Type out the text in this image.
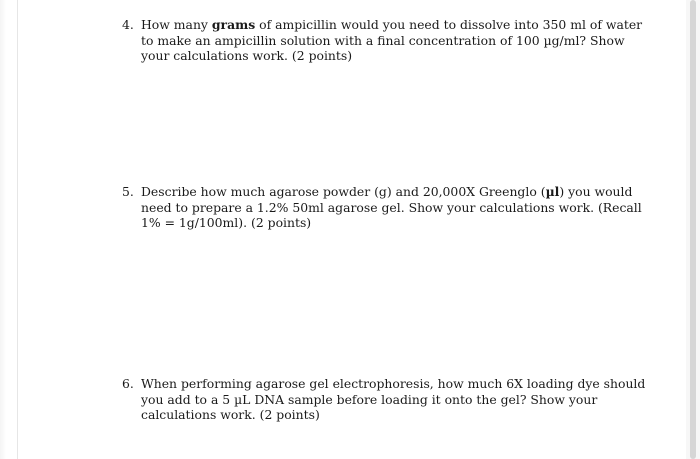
4. How many grams of ampicillin would you need to dissolve into 350 ml of water
to make an ampicillin solution with a final concentration of 100 µg/ml? Show
your calculations work. (2 points)
5. Describe how much agarose powder (g) and 20,000X Greenglo (µl) you would
need to prepare a 1.2% 50ml agarose gel. Show your calculations work. (Recall
1% = 1g/100ml). (2 points)
6. When performing agarose gel electrophoresis, how much 6X loading dye should
you add to a 5 µL DNA sample before loading it onto the gel? Show your
calculations work. (2 points)
